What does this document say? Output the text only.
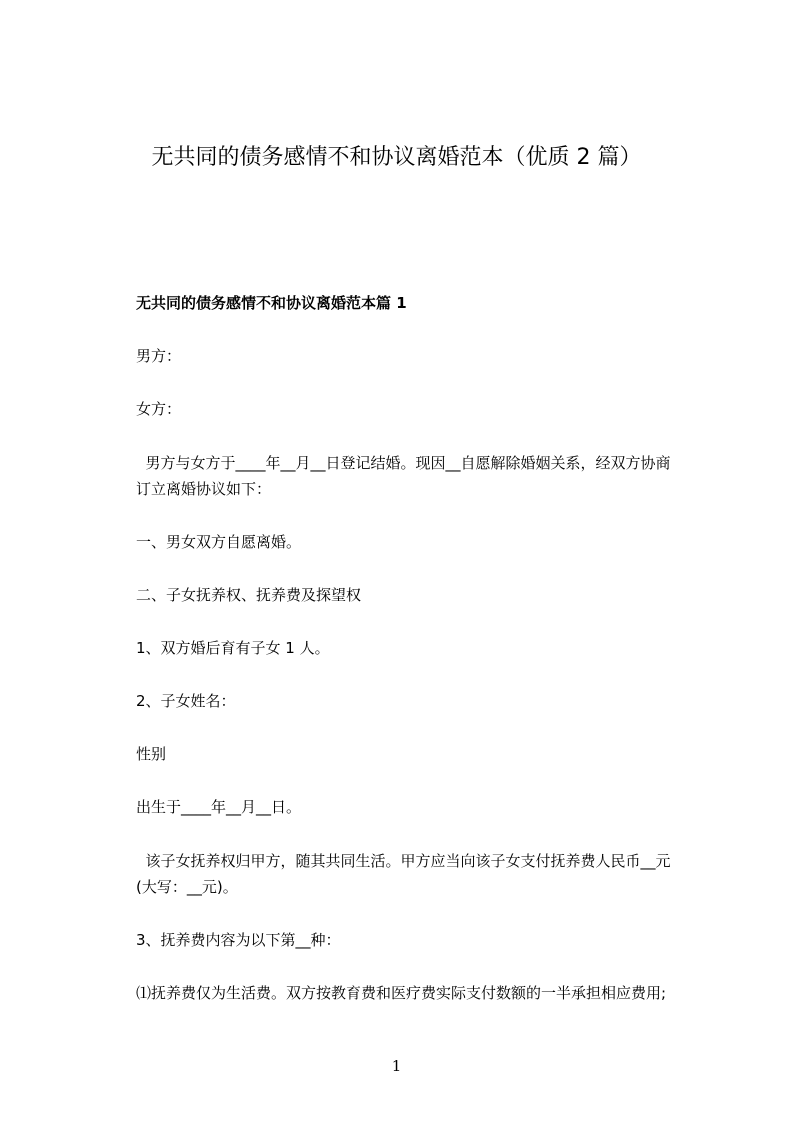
无共同的债务感情不和协议离婚范本（优质 2 篇）
无共同的债务感情不和协议离婚范本篇 1
男方：
女方：
男方与女方于____年__月__日登记结婚。现因__自愿解除婚姻关系，经双方协商
订立离婚协议如下：
一、男女双方自愿离婚。
二、子女抚养权、抚养费及探望权
1、双方婚后育有子女 1 人。
2、子女姓名：
性别
出生于____年__月__日。
该子女抚养权归甲方，随其共同生活。甲方应当向该子女支付抚养费人民币__元
(大写：__元)。
3、抚养费内容为以下第__种：
⑴抚养费仅为生活费。双方按教育费和医疗费实际支付数额的一半承担相应费用;
1
